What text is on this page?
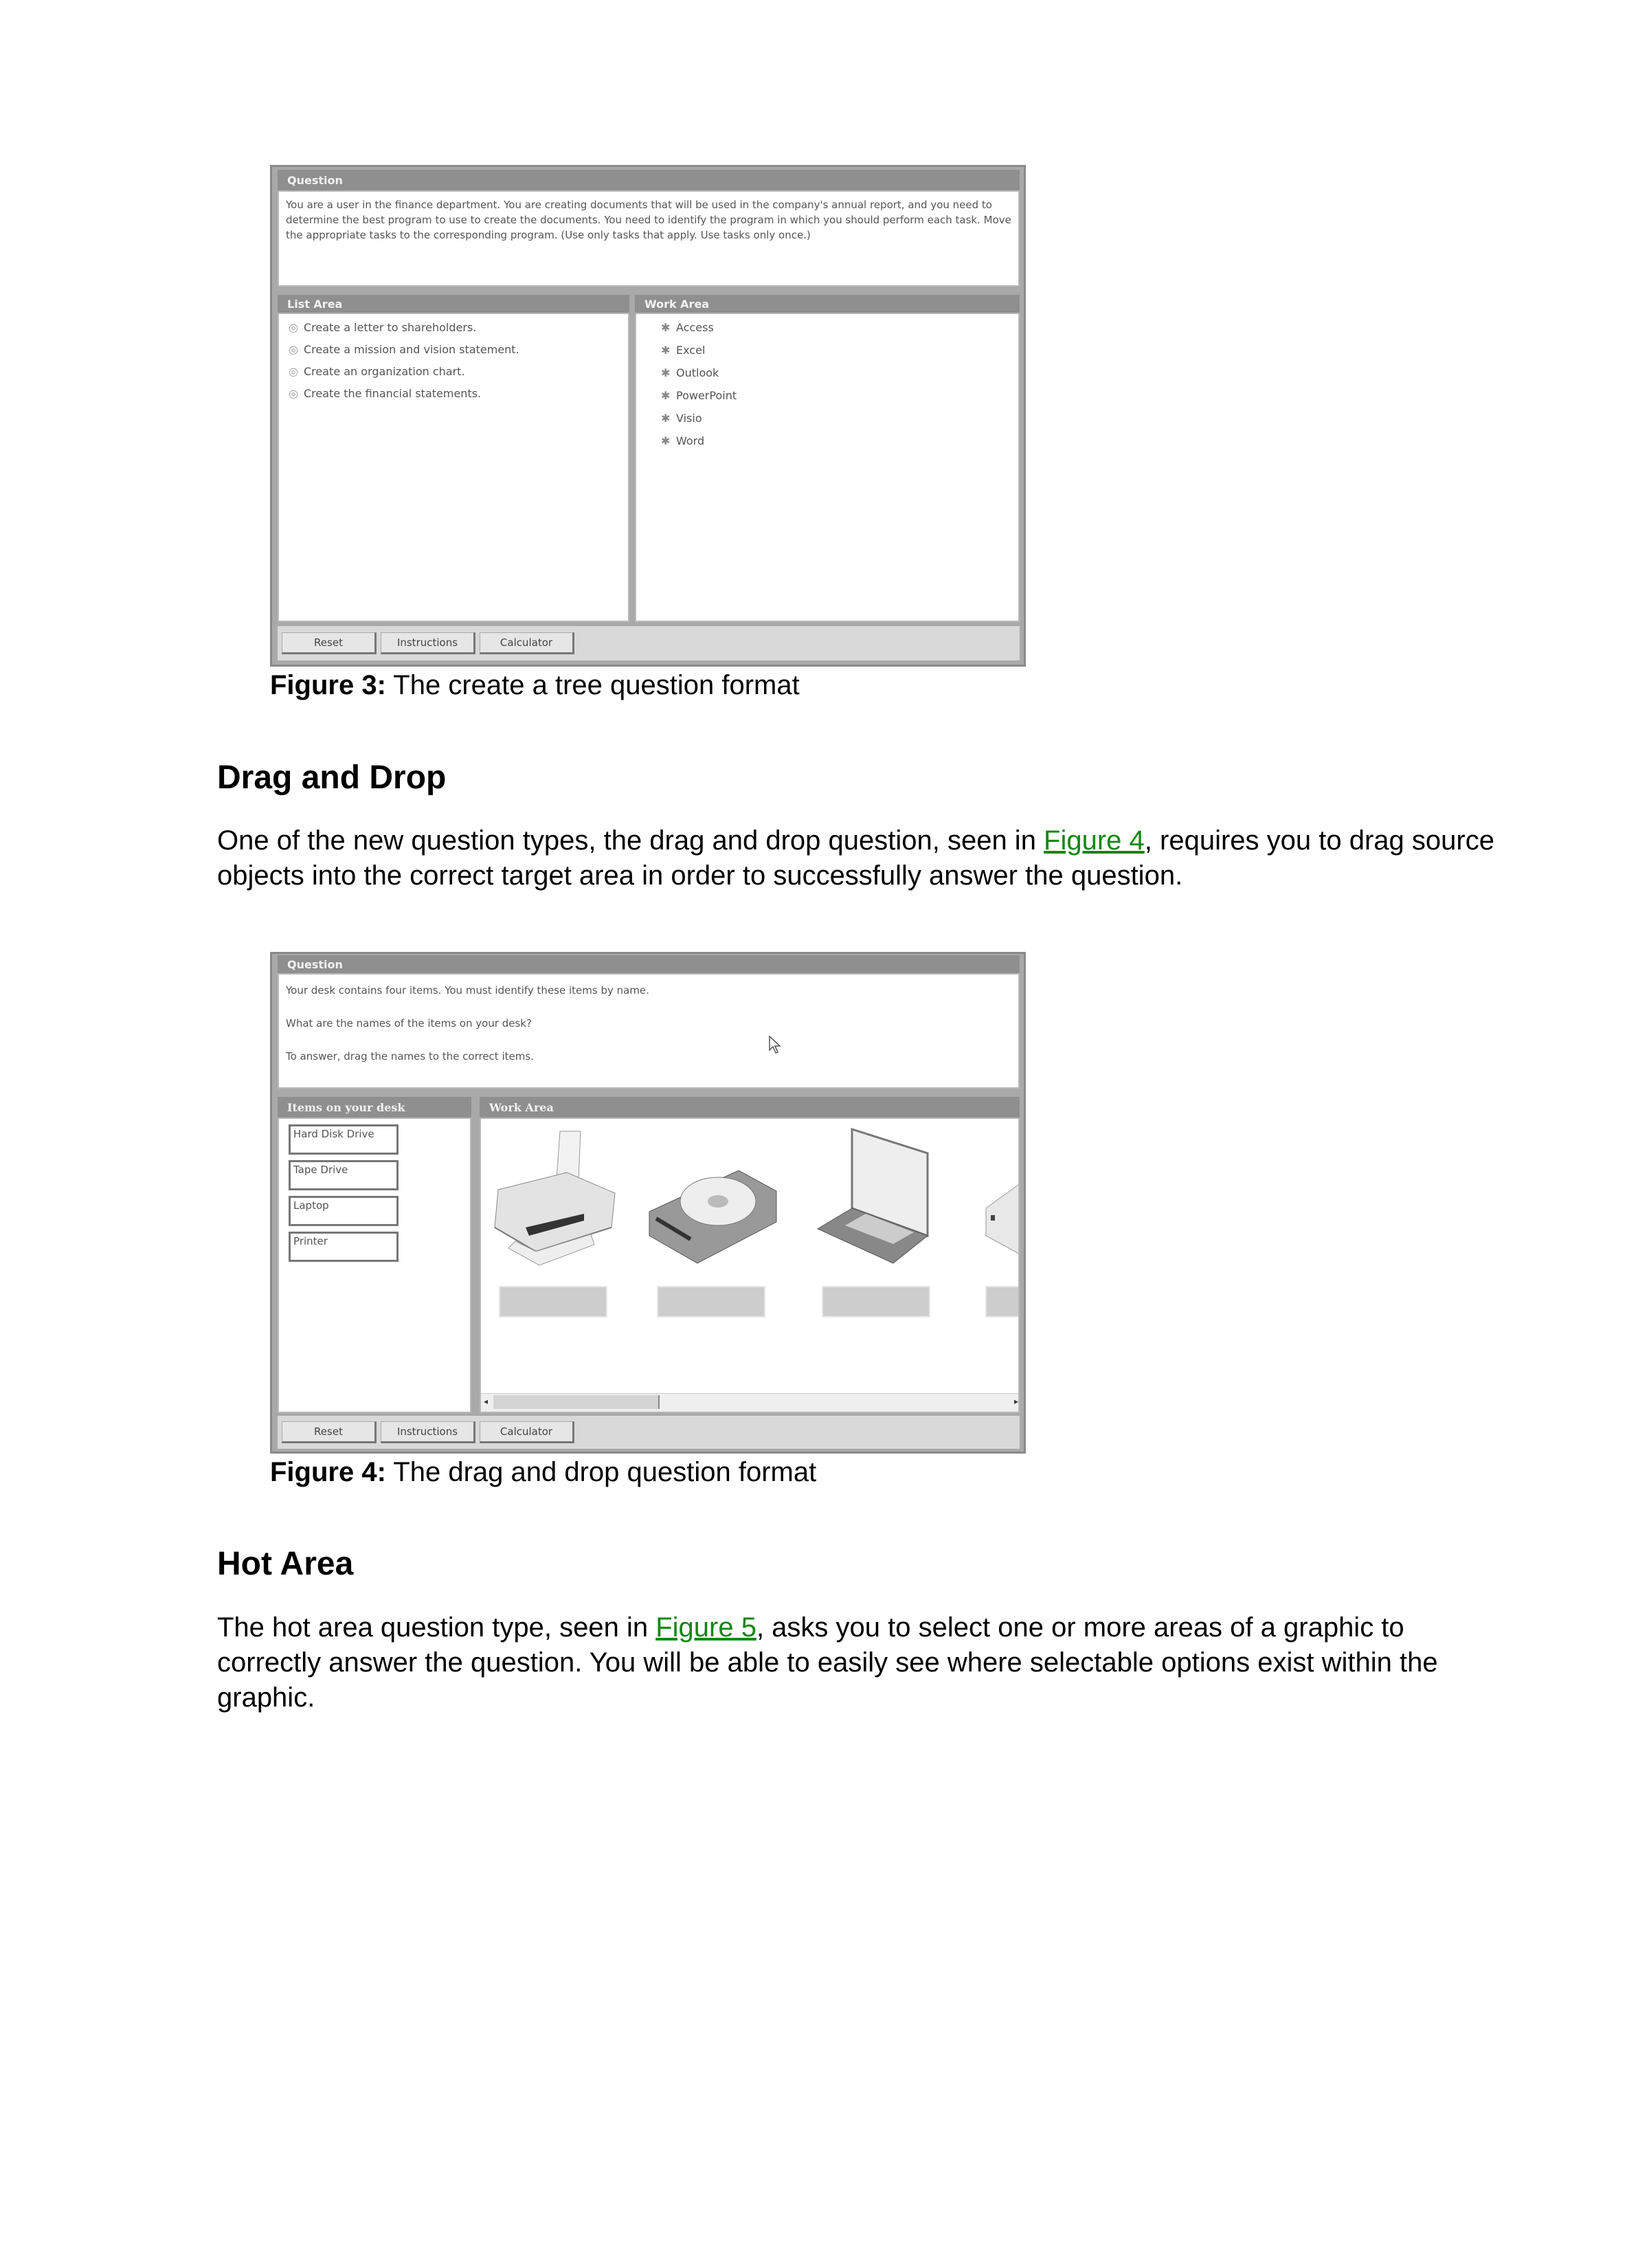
Question
You are a user in the finance department. You are creating documents that will be used in the company's annual report, and you need to determine the best program to use to create the documents. You need to identify the program in which you should perform each task. Move the appropriate tasks to the corresponding program. (Use only tasks that apply. Use tasks only once.)
List Area
◎ Create a letter to shareholders.
◎ Create a mission and vision statement.
◎ Create an organization chart.
◎ Create the financial statements.
Work Area
✱ Access
✱ Excel
✱ Outlook
✱ PowerPoint
✱ Visio
✱ Word
Reset	Instructions	Calculator
Figure 3: The create a tree question format
Drag and Drop
One of the new question types, the drag and drop question, seen in Figure 4, requires you to drag source objects into the correct target area in order to successfully answer the question.
Question
Your desk contains four items. You must identify these items by name.
What are the names of the items on your desk?
To answer, drag the names to the correct items.
Items on your desk
Hard Disk Drive
Tape Drive
Laptop
Printer
Work Area
◂	▸
Reset	Instructions	Calculator
Figure 4: The drag and drop question format
Hot Area
The hot area question type, seen in Figure 5, asks you to select one or more areas of a graphic to correctly answer the question. You will be able to easily see where selectable options exist within the graphic.
